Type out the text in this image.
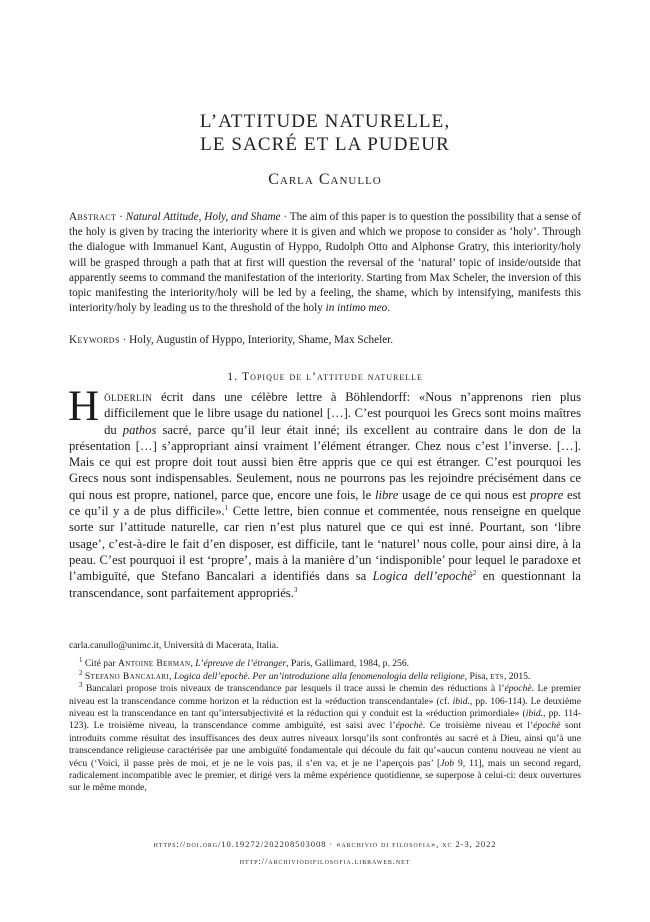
L’ATTITUDE NATURELLE,
LE SACRÉ ET LA PUDEUR
Carla Canullo
Abstract · Natural Attitude, Holy, and Shame · The aim of this paper is to question the possibility that a sense of the holy is given by tracing the interiority where it is given and which we propose to consider as ‘holy’. Through the dialogue with Immanuel Kant, Augustin of Hyppo, Rudolph Otto and Alphonse Gratry, this interiority/holy will be grasped through a path that at first will question the reversal of the ‘natural’ topic of inside/outside that apparently seems to command the manifestation of the interiority. Starting from Max Scheler, the inversion of this topic manifesting the interiority/holy will be led by a feeling, the shame, which by intensifying, manifests this interiority/holy by leading us to the threshold of the holy in intimo meo.
Keywords · Holy, Augustin of Hyppo, Interiority, Shame, Max Scheler.
1. Topique de l’attitude naturelle
Hölderlin écrit dans une célèbre lettre à Böhlendorff: «Nous n’apprenons rien plus difficilement que le libre usage du nationel […]. C’est pourquoi les Grecs sont moins maîtres du pathos sacré, parce qu’il leur était inné; ils excellent au contraire dans le don de la présentation […] s’appropriant ainsi vraiment l’élément étranger. Chez nous c’est l’inverse. […]. Mais ce qui est propre doit tout aussi bien être appris que ce qui est étranger. C’est pourquoi les Grecs nous sont indispensables. Seulement, nous ne pourrons pas les rejoindre précisément dans ce qui nous est propre, nationel, parce que, encore une fois, le libre usage de ce qui nous est propre est ce qu’il y a de plus difficile».$^1$ Cette lettre, bien connue et commentée, nous renseigne en quelque sorte sur l’attitude naturelle, car rien n’est plus naturel que ce qui est inné. Pourtant, son ‘libre usage’, c’est-à-dire le fait d’en disposer, est difficile, tant le ‘naturel’ nous colle, pour ainsi dire, à la peau. C’est pourquoi il est ‘propre’, mais à la manière d’un ‘indisponible’ pour lequel le paradoxe et l’ambiguïté, que Stefano Bancalari a identifiés dans sa Logica dell’epochè$^2$ en questionnant la transcendance, sont parfaitement appropriés.$^3$

carla.canullo@unimc.it, Università di Macerata, Italia.

$^1$ Cité par Antoine Berman, L’épreuve de l’étranger, Paris, Gallimard, 1984, p. 256.

$^2$ Stefano Bancalari, Logica dell’epochè. Per un’introduzione alla fenomenologia della religione, Pisa, ets, 2015.

$^3$ Bancalari propose trois niveaux de transcendance par lesquels il trace aussi le chemin des réductions à l’épochè. Le premier niveau est la transcendance comme horizon et la réduction est la «réduction transcendantale» (cf. ibid., pp. 106-114). Le deuxième niveau est la transcendance en tant qu’intersubjectivité et la réduction qui y conduit est la «réduction primordiale» (ibid., pp. 114-123). Le troisième niveau, la transcendance comme ambiguïté, est saisi avec l’épochè. Ce troisième niveau et l’épochè sont introduits comme résultat des insuffisances des deux autres niveaux lorsqu’ils sont confrontés au sacré et à Dieu, ainsi qu’à une transcendance religieuse caractérisée par une ambiguïté fondamentale qui découle du fait qu’«aucun contenu nouveau ne vient au vécu (‘Voici, il passe près de moi, et je ne le vois pas, il s’en va, et je ne l’aperçois pas’ [Job 9, 11], mais un second regard, radicalement incompatible avec le premier, et dirigé vers la même expérience quotidienne, se superpose à celui-ci: deux ouvertures sur le même monde,

https://doi.org/10.19272/202208503008 · «archivio di filosofia», xc 2-3, 2022
http://archiviodifilosofia.libraweb.net
